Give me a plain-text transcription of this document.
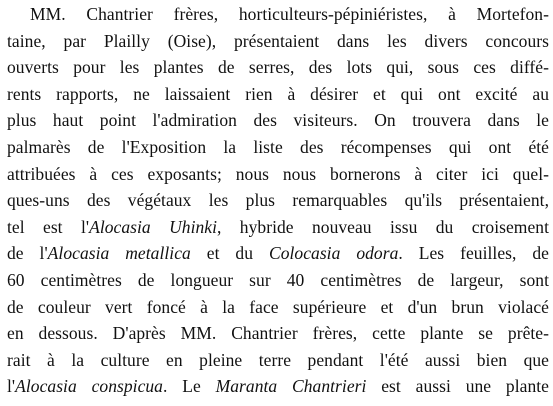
MM. Chantrier frères, horticulteurs-pépiniéristes, à Mortefon-
taine, par Plailly (Oise), présentaient dans les divers concours
ouverts pour les plantes de serres, des lots qui, sous ces diffé-
rents rapports, ne laissaient rien à désirer et qui ont excité au
plus haut point l'admiration des visiteurs. On trouvera dans le
palmarès de l'Exposition la liste des récompenses qui ont été
attribuées à ces exposants; nous nous bornerons à citer ici quel-
ques-uns des végétaux les plus remarquables qu'ils présentaient,
tel est l'Alocasia Uhinki, hybride nouveau issu du croisement
de l'Alocasia metallica et du Colocasia odora. Les feuilles, de
60 centimètres de longueur sur 40 centimètres de largeur, sont
de couleur vert foncé à la face supérieure et d'un brun violacé
en dessous. D'après MM. Chantrier frères, cette plante se prête-
rait à la culture en pleine terre pendant l'été aussi bien que
l'Alocasia conspicua. Le Maranta Chantrieri est aussi une plante
